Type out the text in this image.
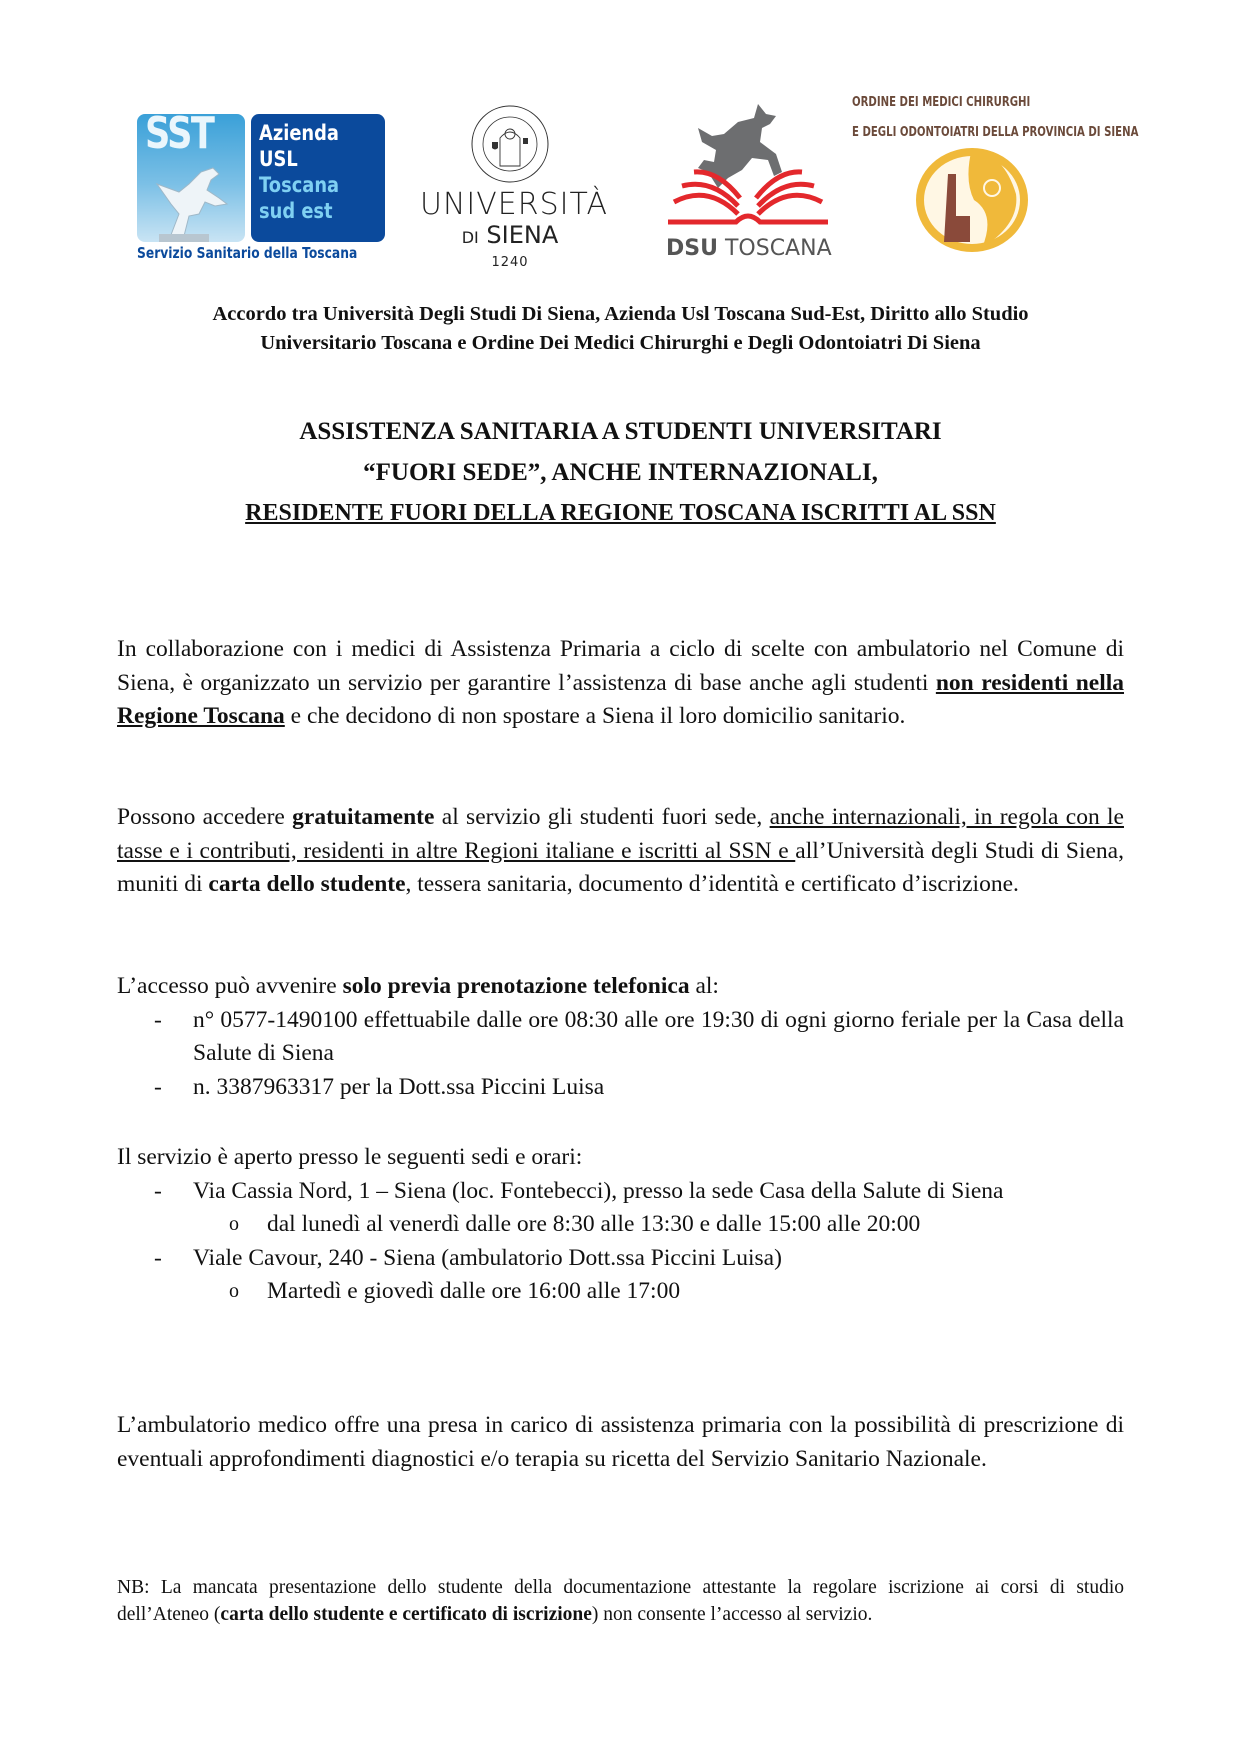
SST Azienda
USL
Toscana
sud est
Servizio Sanitario della Toscana
UNIVERSITÀ
DI SIENA
1240
DSU TOSCANA
ORDINE DEI MEDICI CHIRURGHI
E DEGLI ODONTOIATRI DELLA PROVINCIA DI SIENA
Accordo tra Università Degli Studi Di Siena, Azienda Usl Toscana Sud-Est, Diritto allo Studio
Universitario Toscana e Ordine Dei Medici Chirurghi e Degli Odontoiatri Di Siena
ASSISTENZA SANITARIA A STUDENTI UNIVERSITARI
“FUORI SEDE”, ANCHE INTERNAZIONALI,
RESIDENTE FUORI DELLA REGIONE TOSCANA ISCRITTI AL SSN
In collaborazione con i medici di Assistenza Primaria a ciclo di scelte con ambulatorio nel Comune di Siena, è organizzato un servizio per garantire l’assistenza di base anche agli studenti non residenti nella Regione Toscana e che decidono di non spostare a Siena il loro domicilio sanitario.
Possono accedere gratuitamente al servizio gli studenti fuori sede, anche internazionali, in regola con le tasse e i contributi, residenti in altre Regioni italiane e iscritti al SSN e all’Università degli Studi di Siena, muniti di carta dello studente, tessera sanitaria, documento d’identità e certificato d’iscrizione.
L’accesso può avvenire solo previa prenotazione telefonica al:
- n° 0577-1490100 effettuabile dalle ore 08:30 alle ore 19:30 di ogni giorno feriale per la Casa della Salute di Siena
- n. 3387963317 per la Dott.ssa Piccini Luisa
Il servizio è aperto presso le seguenti sedi e orari:
- Via Cassia Nord, 1 – Siena (loc. Fontebecci), presso la sede Casa della Salute di Siena
o dal lunedì al venerdì dalle ore 8:30 alle 13:30 e dalle 15:00 alle 20:00
- Viale Cavour, 240 - Siena (ambulatorio Dott.ssa Piccini Luisa)
o Martedì e giovedì dalle ore 16:00 alle 17:00
L’ambulatorio medico offre una presa in carico di assistenza primaria con la possibilità di prescrizione di eventuali approfondimenti diagnostici e/o terapia su ricetta del Servizio Sanitario Nazionale.
NB: La mancata presentazione dello studente della documentazione attestante la regolare iscrizione ai corsi di studio dell’Ateneo (carta dello studente e certificato di iscrizione) non consente l’accesso al servizio.
